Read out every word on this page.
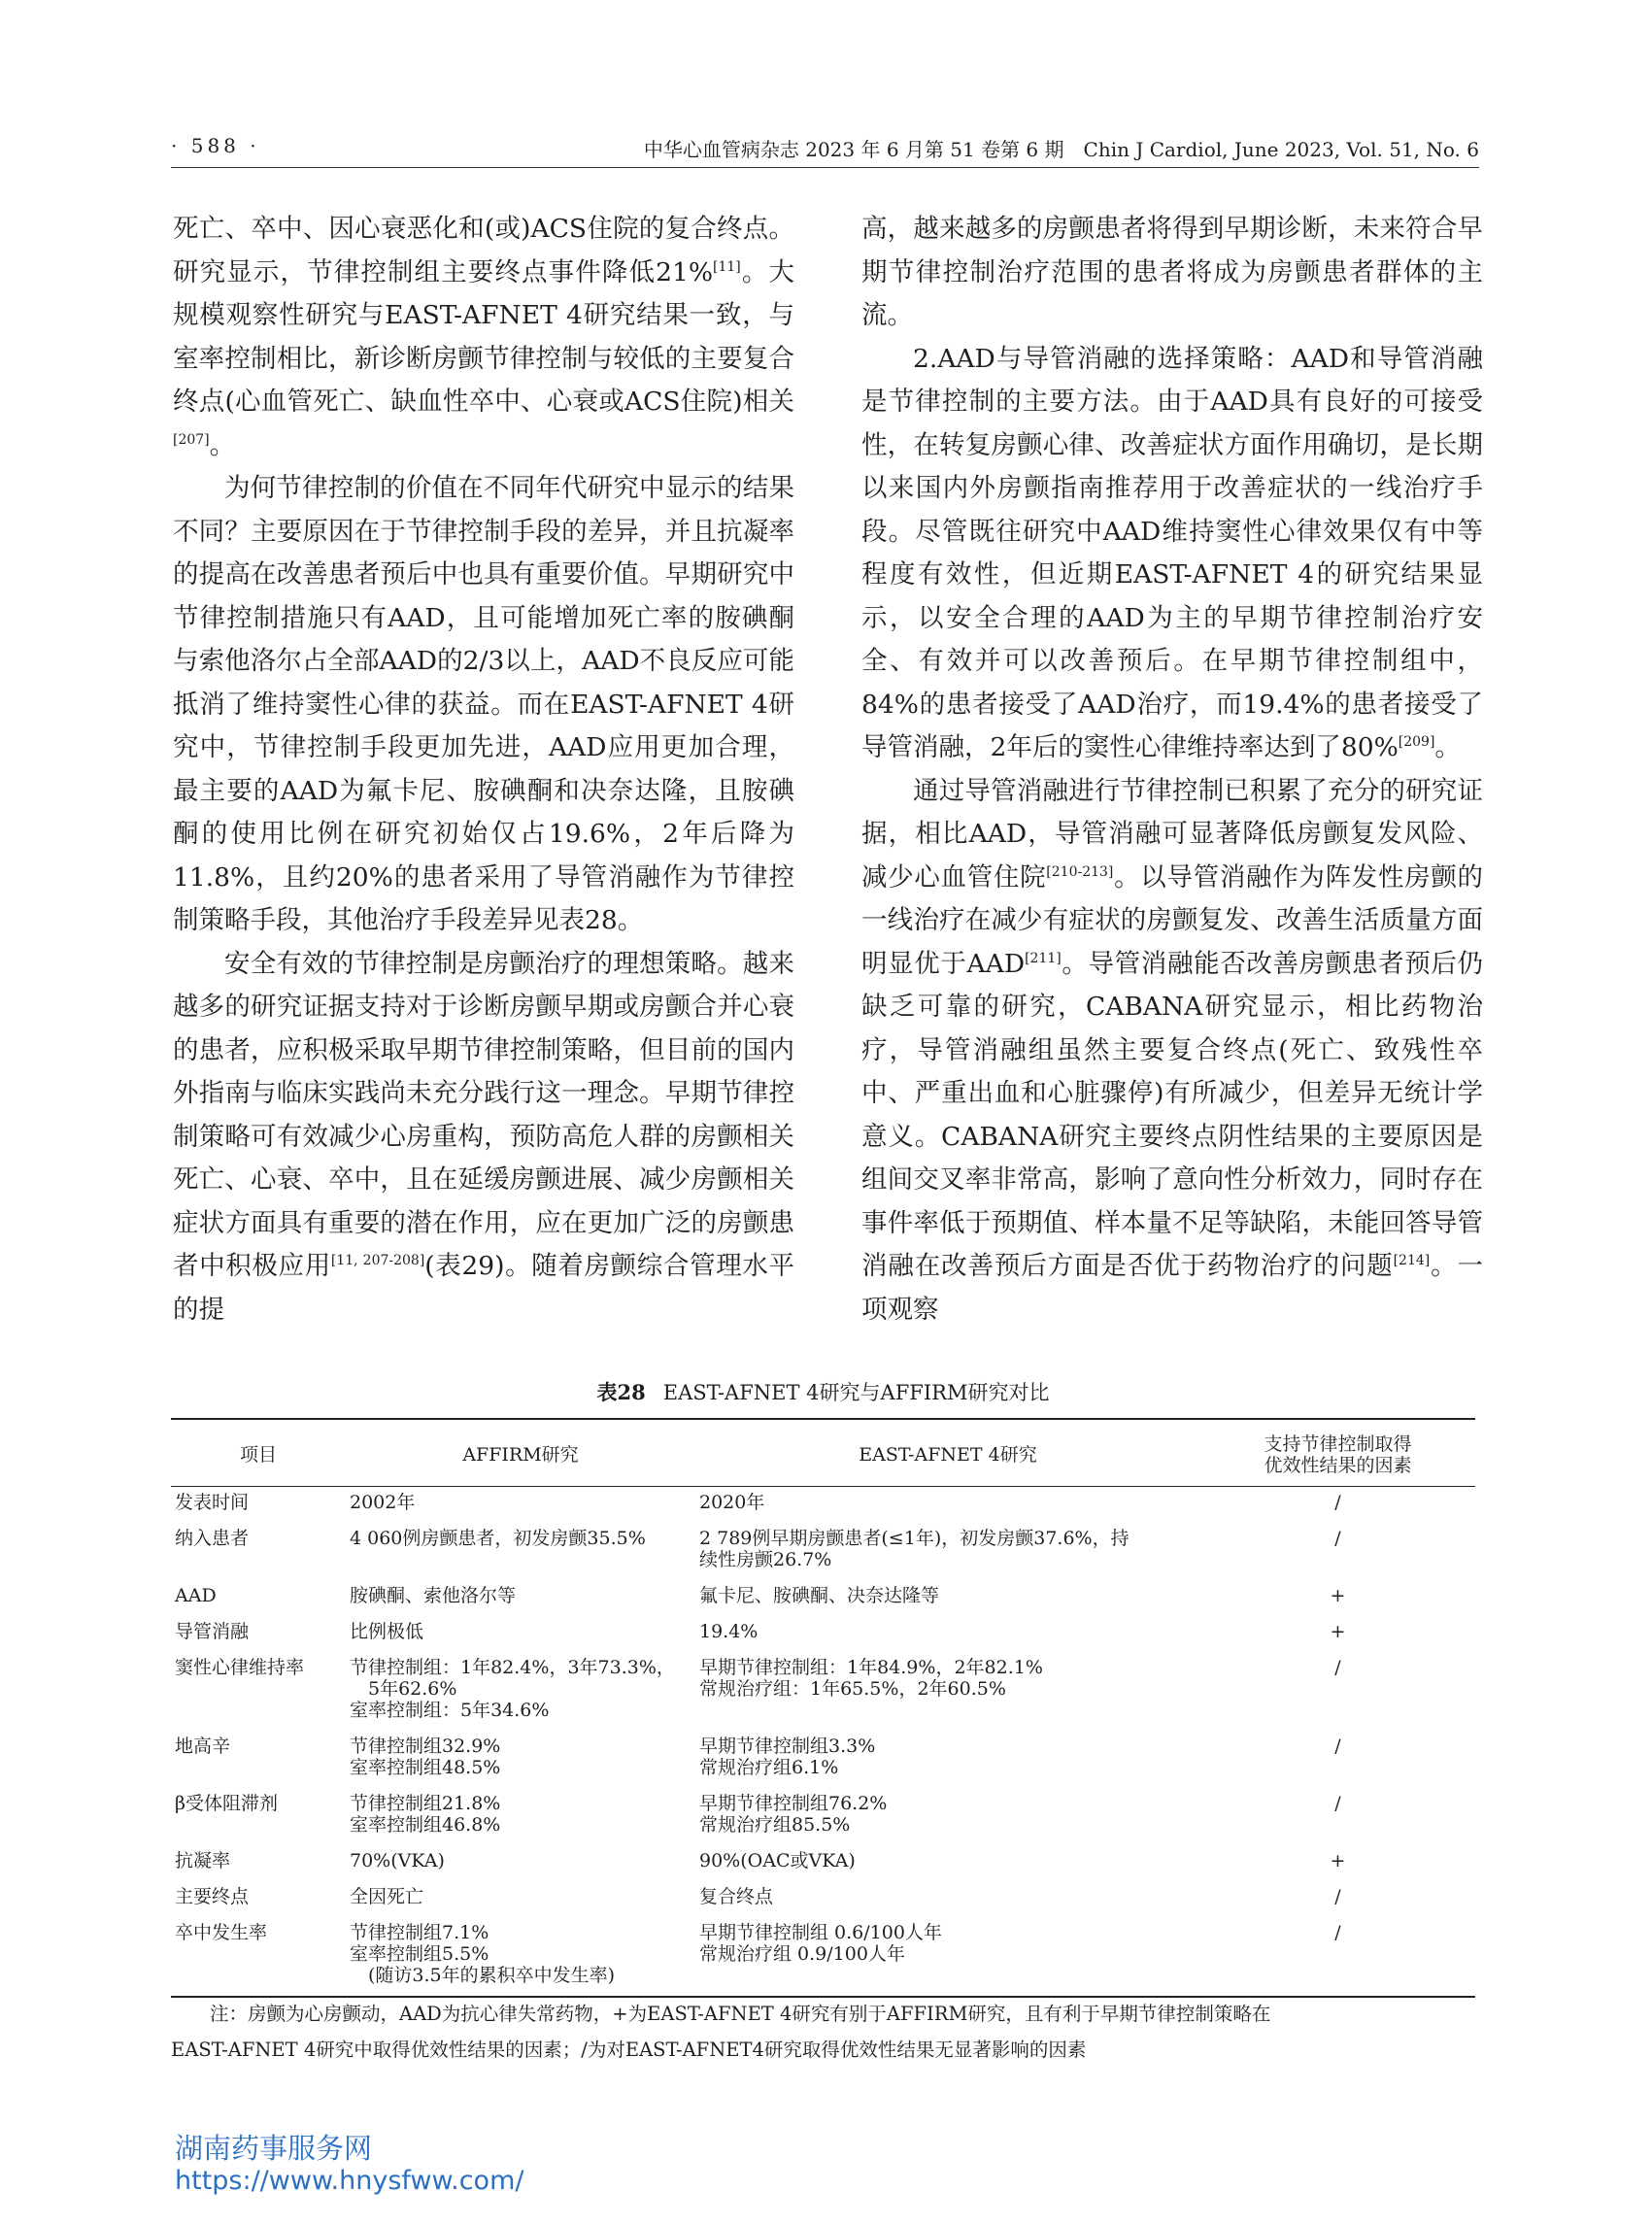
· 588 ·	中华心血管病杂志 2023 年 6 月第 51 卷第 6 期　Chin J Cardiol, June 2023, Vol. 51, No. 6

死亡、卒中、因心衰恶化和(或)ACS住院的复合终点。研究显示，节律控制组主要终点事件降低21%[11]。大规模观察性研究与EAST-AFNET 4研究结果一致，与室率控制相比，新诊断房颤节律控制与较低的主要复合终点(心血管死亡、缺血性卒中、心衰或ACS住院)相关[207]。

为何节律控制的价值在不同年代研究中显示的结果不同？主要原因在于节律控制手段的差异，并且抗凝率的提高在改善患者预后中也具有重要价值。早期研究中节律控制措施只有AAD，且可能增加死亡率的胺碘酮与索他洛尔占全部AAD的2/3以上，AAD不良反应可能抵消了维持窦性心律的获益。而在EAST-AFNET 4研究中，节律控制手段更加先进，AAD应用更加合理，最主要的AAD为氟卡尼、胺碘酮和决奈达隆，且胺碘酮的使用比例在研究初始仅占19.6%，2年后降为11.8%，且约20%的患者采用了导管消融作为节律控制策略手段，其他治疗手段差异见表28。

安全有效的节律控制是房颤治疗的理想策略。越来越多的研究证据支持对于诊断房颤早期或房颤合并心衰的患者，应积极采取早期节律控制策略，但目前的国内外指南与临床实践尚未充分践行这一理念。早期节律控制策略可有效减少心房重构，预防高危人群的房颤相关死亡、心衰、卒中，且在延缓房颤进展、减少房颤相关症状方面具有重要的潜在作用，应在更加广泛的房颤患者中积极应用[11, 207-208](表29)。随着房颤综合管理水平的提

高，越来越多的房颤患者将得到早期诊断，未来符合早期节律控制治疗范围的患者将成为房颤患者群体的主流。

2.AAD与导管消融的选择策略：AAD和导管消融是节律控制的主要方法。由于AAD具有良好的可接受性，在转复房颤心律、改善症状方面作用确切，是长期以来国内外房颤指南推荐用于改善症状的一线治疗手段。尽管既往研究中AAD维持窦性心律效果仅有中等程度有效性，但近期EAST-AFNET 4的研究结果显示，以安全合理的AAD为主的早期节律控制治疗安全、有效并可以改善预后。在早期节律控制组中，84%的患者接受了AAD治疗，而19.4%的患者接受了导管消融，2年后的窦性心律维持率达到了80%[209]。

通过导管消融进行节律控制已积累了充分的研究证据，相比AAD，导管消融可显著降低房颤复发风险、减少心血管住院[210-213]。以导管消融作为阵发性房颤的一线治疗在减少有症状的房颤复发、改善生活质量方面明显优于AAD[211]。导管消融能否改善房颤患者预后仍缺乏可靠的研究，CABANA研究显示，相比药物治疗，导管消融组虽然主要复合终点(死亡、致残性卒中、严重出血和心脏骤停)有所减少，但差异无统计学意义。CABANA研究主要终点阴性结果的主要原因是组间交叉率非常高，影响了意向性分析效力，同时存在事件率低于预期值、样本量不足等缺陷，未能回答导管消融在改善预后方面是否优于药物治疗的问题[214]。一项观察

表28 EAST-AFNET 4研究与AFFIRM研究对比
项目	AFFIRM研究	EAST-AFNET 4研究	支持节律控制取得
优效性结果的因素
发表时间	2002年	2020年	/
纳入患者	4 060例房颤患者，初发房颤35.5%	2 789例早期房颤患者(≤1年)，初发房颤37.6%，持
续性房颤26.7%	/
AAD	胺碘酮、索他洛尔等	氟卡尼、胺碘酮、决奈达隆等	+
导管消融	比例极低	19.4%	+
窦性心律维持率	节律控制组：1年82.4%，3年73.3%，
　5年62.6%
室率控制组：5年34.6%	早期节律控制组：1年84.9%，2年82.1%
常规治疗组：1年65.5%，2年60.5%	/
地高辛	节律控制组32.9%
室率控制组48.5%	早期节律控制组3.3%
常规治疗组6.1%	/
β受体阻滞剂	节律控制组21.8%
室率控制组46.8%	早期节律控制组76.2%
常规治疗组85.5%	/
抗凝率	70%(VKA)	90%(OAC或VKA)	+
主要终点	全因死亡	复合终点	/
卒中发生率	节律控制组7.1%
室率控制组5.5%
　(随访3.5年的累积卒中发生率)	早期节律控制组 0.6/100人年
常规治疗组 0.9/100人年	/
注：房颤为心房颤动，AAD为抗心律失常药物，+为EAST-AFNET 4研究有别于AFFIRM研究，且有利于早期节律控制策略在
EAST-AFNET 4研究中取得优效性结果的因素；/为对EAST-AFNET4研究取得优效性结果无显著影响的因素
湖南药事服务网
https://www.hnysfww.com/
